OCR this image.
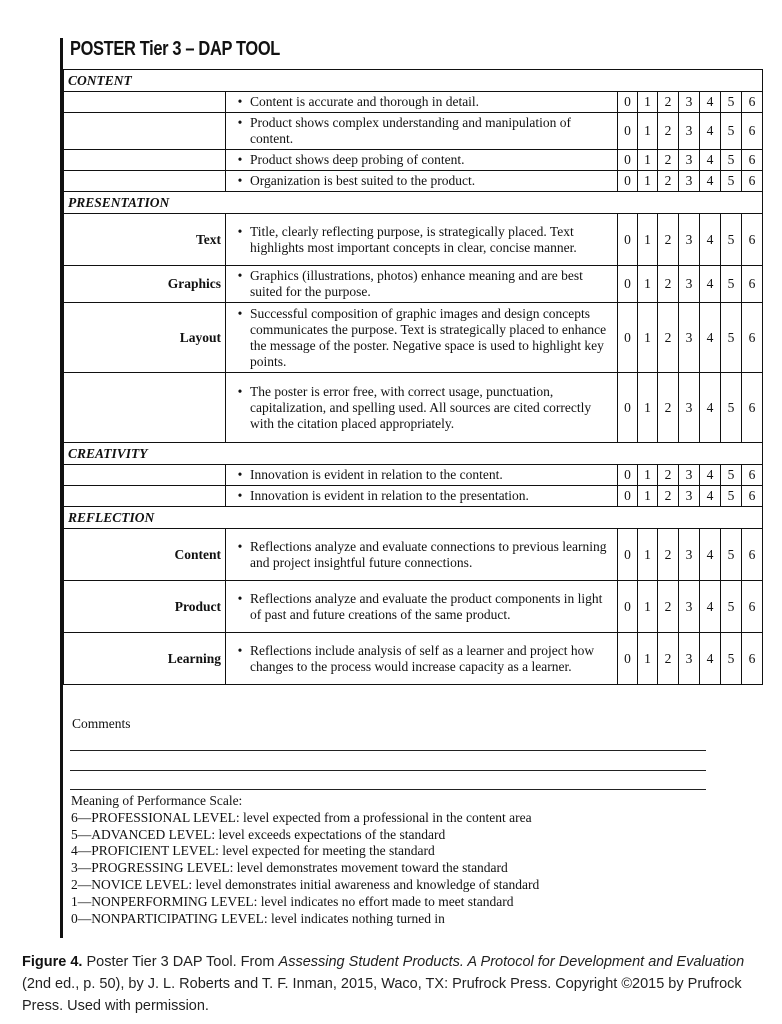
POSTER Tier 3 – DAP TOOL
CONTENT								

	• Content is accurate and thorough in detail.	0	1	2	3	4	5	6

	• Product shows complex understanding and manipulation of content.	0	1	2	3	4	5	6

	• Product shows deep probing of content.	0	1	2	3	4	5	6

	• Organization is best suited to the product.	0	1	2	3	4	5	6
PRESENTATION								
Text	• Title, clearly reflecting purpose, is strategically placed. Text highlights most important concepts in clear, concise manner.	0	1	2	3	4	5	6
Graphics	• Graphics (illustrations, photos) enhance meaning and are best suited for the purpose.	0	1	2	3	4	5	6
Layout	• Successful composition of graphic images and design concepts communicates the purpose. Text is strategically placed to enhance the message of the poster. Negative space is used to highlight key points.	0	1	2	3	4	5	6

	• The poster is error free, with correct usage, punctuation, capitalization, and spelling used. All sources are cited correctly with the citation placed appropriately.	0	1	2	3	4	5	6
CREATIVITY								

	• Innovation is evident in relation to the content.	0	1	2	3	4	5	6

	• Innovation is evident in relation to the presentation.	0	1	2	3	4	5	6
REFLECTION								
Content	• Reflections analyze and evaluate connections to previous learning and project insightful future connections.	0	1	2	3	4	5	6
Product	• Reflections analyze and evaluate the product components in light of past and future creations of the same product.	0	1	2	3	4	5	6
Learning	• Reflections include analysis of self as a learner and project how changes to the process would increase capacity as a learner.	0	1	2	3	4	5	6
Comments
Meaning of Performance Scale:
6—PROFESSIONAL LEVEL: level expected from a professional in the content area
5—ADVANCED LEVEL: level exceeds expectations of the standard
4—PROFICIENT LEVEL: level expected for meeting the standard
3—PROGRESSING LEVEL: level demonstrates movement toward the standard
2—NOVICE LEVEL: level demonstrates initial awareness and knowledge of standard
1—NONPERFORMING LEVEL: level indicates no effort made to meet standard
0—NONPARTICIPATING LEVEL: level indicates nothing turned in
Figure 4. Poster Tier 3 DAP Tool. From Assessing Student Products. A Protocol for Development and Evaluation (2nd ed., p. 50), by J. L. Roberts and T. F. Inman, 2015, Waco, TX: Prufrock Press. Copyright ©2015 by Prufrock Press. Used with permission.
